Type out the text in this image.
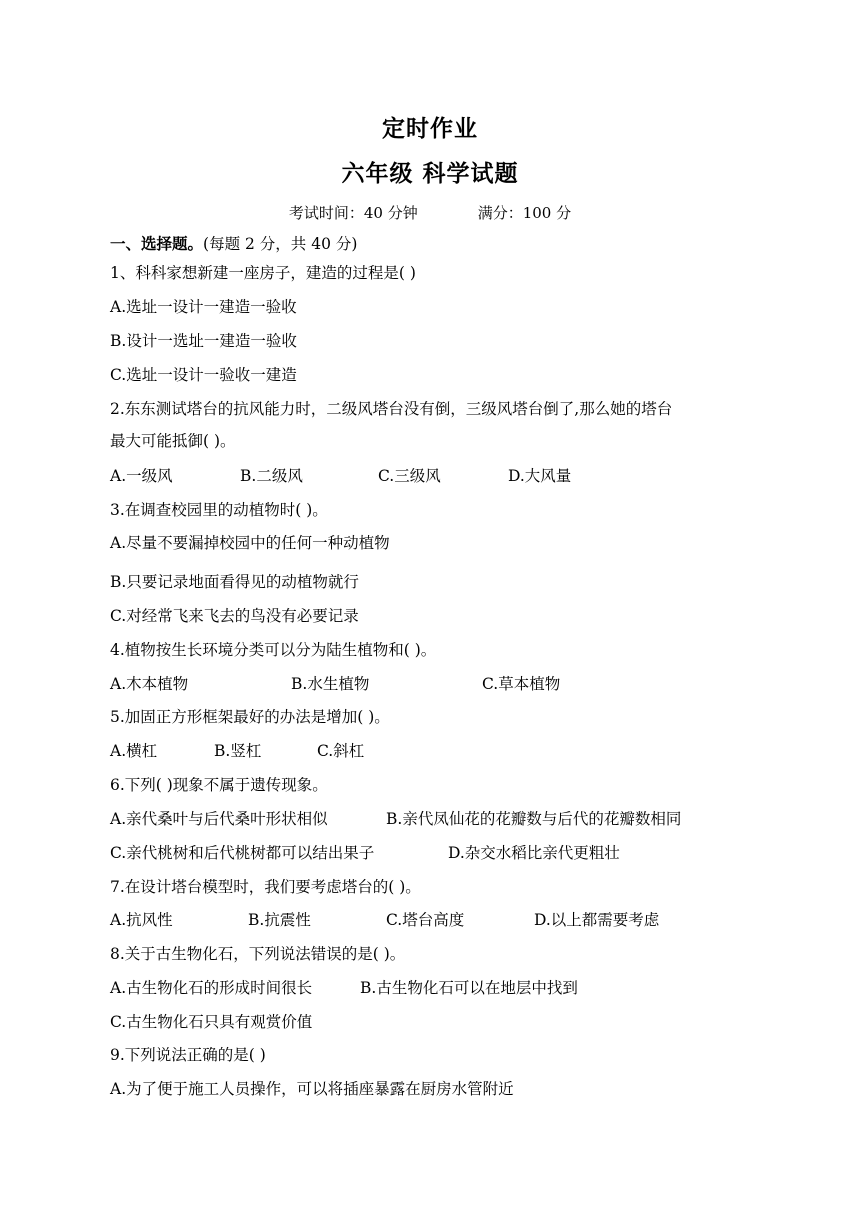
定时作业
六年级 科学试题
考试时间：40 分钟	满分：100 分
一、选择题。(每题 2 分，共 40 分)
1、科科家想新建一座房子，建造的过程是( )
A.选址一设计一建造一验收
B.设计一选址一建造一验收
C.选址一设计一验收一建造
2.东东测试塔台的抗风能力时，二级风塔台没有倒，三级风塔台倒了,那么她的塔台
最大可能抵御( )。
A.一级风	B.二级风	C.三级风	D.大风量
3.在调查校园里的动植物时( )。
A.尽量不要漏掉校园中的任何一种动植物
B.只要记录地面看得见的动植物就行
C.对经常飞来飞去的鸟没有必要记录
4.植物按生长环境分类可以分为陆生植物和( )。
A.木本植物	B.水生植物	C.草本植物
5.加固正方形框架最好的办法是增加( )。
A.横杠	B.竖杠	C.斜杠
6.下列( )现象不属于遗传现象。
A.亲代桑叶与后代桑叶形状相似	B.亲代凤仙花的花瓣数与后代的花瓣数相同
C.亲代桃树和后代桃树都可以结出果子	D.杂交水稻比亲代更粗壮
7.在设计塔台模型时，我们要考虑塔台的( )。
A.抗风性	B.抗震性	C.塔台高度	D.以上都需要考虑
8.关于古生物化石，下列说法错误的是( )。
A.古生物化石的形成时间很长	B.古生物化石可以在地层中找到
C.古生物化石只具有观赏价值
9.下列说法正确的是( )
A.为了便于施工人员操作，可以将插座暴露在厨房水管附近
